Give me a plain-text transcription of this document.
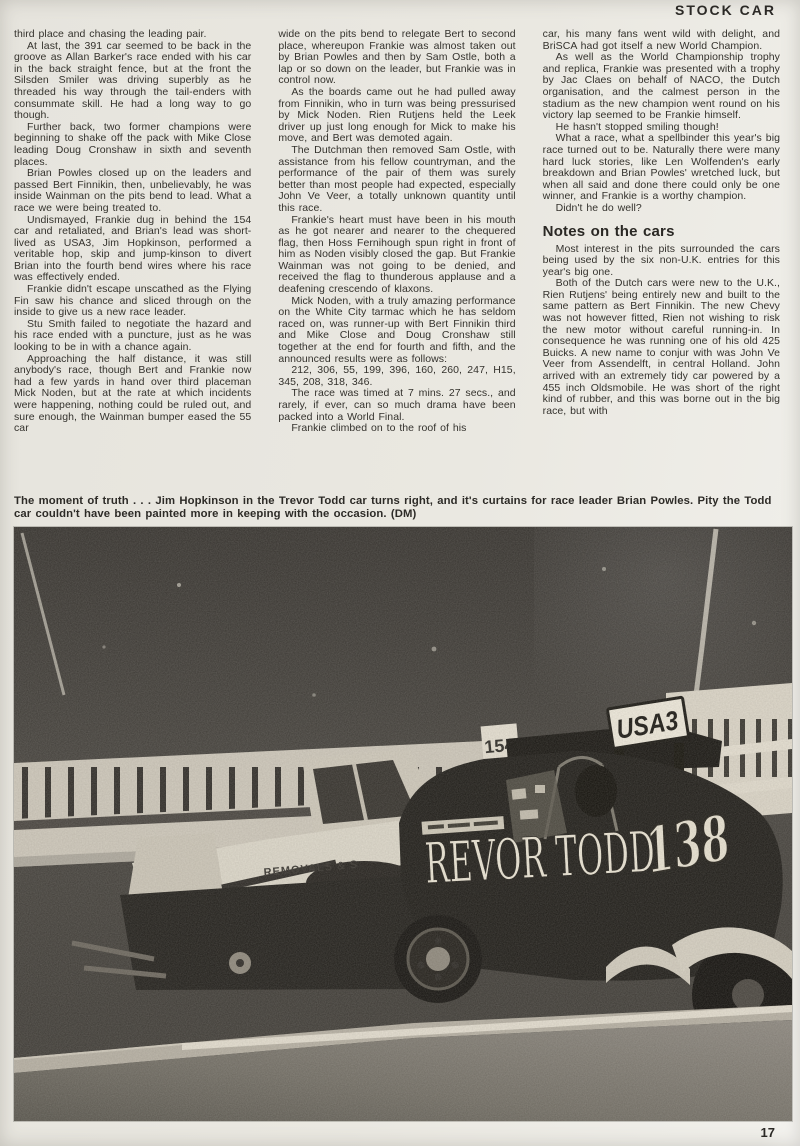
STOCK CAR

third place and chasing the leading pair.

At last, the 391 car seemed to be back in the groove as Allan Barker's race ended with his car in the back straight fence, but at the front the Silsden Smiler was driving superbly as he threaded his way through the tail-enders with consummate skill. He had a long way to go though.

Further back, two former champions were beginning to shake off the pack with Mike Close leading Doug Cronshaw in sixth and seventh places.

Brian Powles closed up on the leaders and passed Bert Finnikin, then, unbelievably, he was inside Wainman on the pits bend to lead. What a race we were being treated to.

Undismayed, Frankie dug in behind the 154 car and retaliated, and Brian's lead was short-lived as USA3, Jim Hopkinson, performed a veritable hop, skip and jump-kinson to divert Brian into the fourth bend wires where his race was effectively ended.

Frankie didn't escape unscathed as the Flying Fin saw his chance and sliced through on the inside to give us a new race leader.

Stu Smith failed to negotiate the hazard and his race ended with a puncture, just as he was looking to be in with a chance again.

Approaching the half distance, it was still anybody's race, though Bert and Frankie now had a few yards in hand over third placeman Mick Noden, but at the rate at which incidents were happening, nothing could be ruled out, and sure enough, the Wainman bumper eased the 55 car

wide on the pits bend to relegate Bert to second place, whereupon Frankie was almost taken out by Brian Powles and then by Sam Ostle, both a lap or so down on the leader, but Frankie was in control now.

As the boards came out he had pulled away from Finnikin, who in turn was being pressurised by Mick Noden. Rien Rutjens held the Leek driver up just long enough for Mick to make his move, and Bert was demoted again.

The Dutchman then removed Sam Ostle, with assistance from his fellow countryman, and the performance of the pair of them was surely better than most people had expected, especially John Ve Veer, a totally unknown quantity until this race.

Frankie's heart must have been in his mouth as he got nearer and nearer to the chequered flag, then Hoss Fernihough spun right in front of him as Noden visibly closed the gap. But Frankie Wainman was not going to be denied, and received the flag to thunderous applause and a deafening crescendo of klaxons.

Mick Noden, with a truly amazing performance on the White City tarmac which he has seldom raced on, was runner-up with Bert Finnikin third and Mike Close and Doug Cronshaw still together at the end for fourth and fifth, and the announced results were as follows:

212, 306, 55, 199, 396, 160, 260, 247, H15, 345, 208, 318, 346.

The race was timed at 7 mins. 27 secs., and rarely, if ever, can so much drama have been packed into a World Final.

Frankie climbed on to the roof of his

car, his many fans went wild with delight, and BriSCA had got itself a new World Champion.

As well as the World Championship trophy and replica, Frankie was presented with a trophy by Jac Claes on behalf of NACO, the Dutch organisation, and the calmest person in the stadium as the new champion went round on his victory lap seemed to be Frankie himself.

He hasn't stopped smiling though!

What a race, what a spellbinder this year's big race turned out to be. Naturally there were many hard luck stories, like Len Wolfenden's early breakdown and Brian Powles' wretched luck, but when all said and done there could only be one winner, and Frankie is a worthy champion.

Didn't he do well?

Notes on the cars

Most interest in the pits surrounded the cars being used by the six non-U.K. entries for this year's big one.

Both of the Dutch cars were new to the U.K., Rien Rutjens' being entirely new and built to the same pattern as Bert Finnikin. The new Chevy was not however fitted, Rien not wishing to risk the new motor without careful running-in. In consequence he was running one of his old 425 Buicks. A new name to conjur with was John Ve Veer from Assendelft, in central Holland. John arrived with an extremely tidy car powered by a 455 inch Oldsmobile. He was short of the right kind of rubber, and this was borne out in the big race, but with

The moment of truth . . . Jim Hopkinson in the Trevor Todd car turns right, and it's curtains for race leader Brian Powles. Pity the Todd car couldn't have been painted more in keeping with the occasion. (DM)
17
